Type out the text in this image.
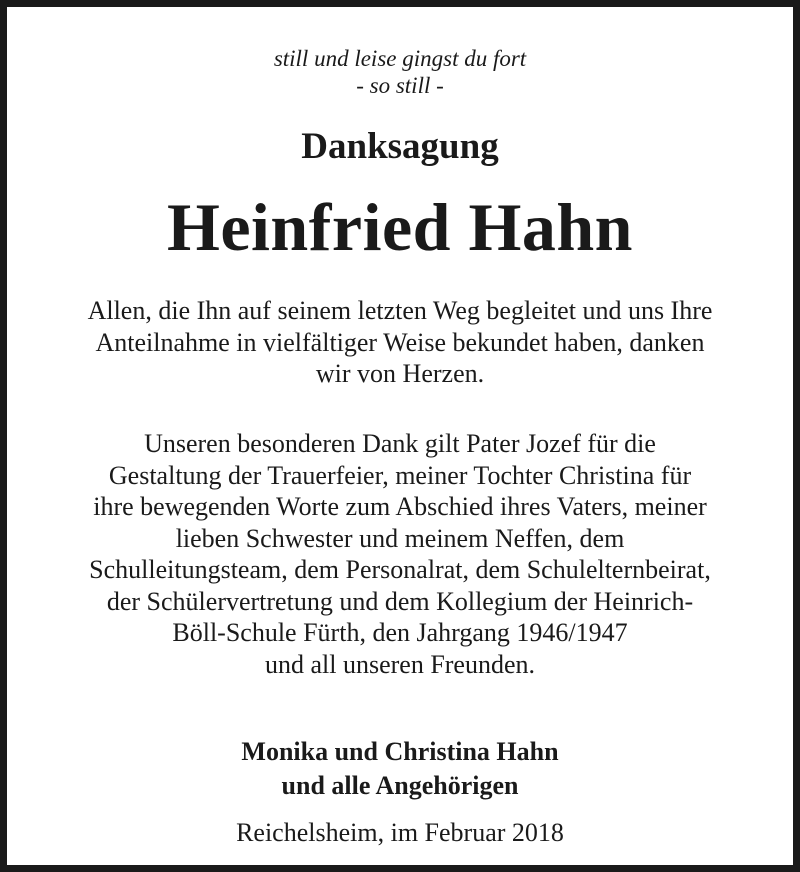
still und leise gingst du fort
- so still -
Danksagung
Heinfried Hahn
Allen, die Ihn auf seinem letzten Weg begleitet und uns Ihre
Anteilnahme in vielfältiger Weise bekundet haben, danken
wir von Herzen.
Unseren besonderen Dank gilt Pater Jozef für die
Gestaltung der Trauerfeier, meiner Tochter Christina für
ihre bewegenden Worte zum Abschied ihres Vaters, meiner
lieben Schwester und meinem Neffen, dem
Schulleitungsteam, dem Personalrat, dem Schulelternbeirat,
der Schülervertretung und dem Kollegium der Heinrich-
Böll-Schule Fürth, den Jahrgang 1946/1947
und all unseren Freunden.
Monika und Christina Hahn
und alle Angehörigen
Reichelsheim, im Februar 2018
